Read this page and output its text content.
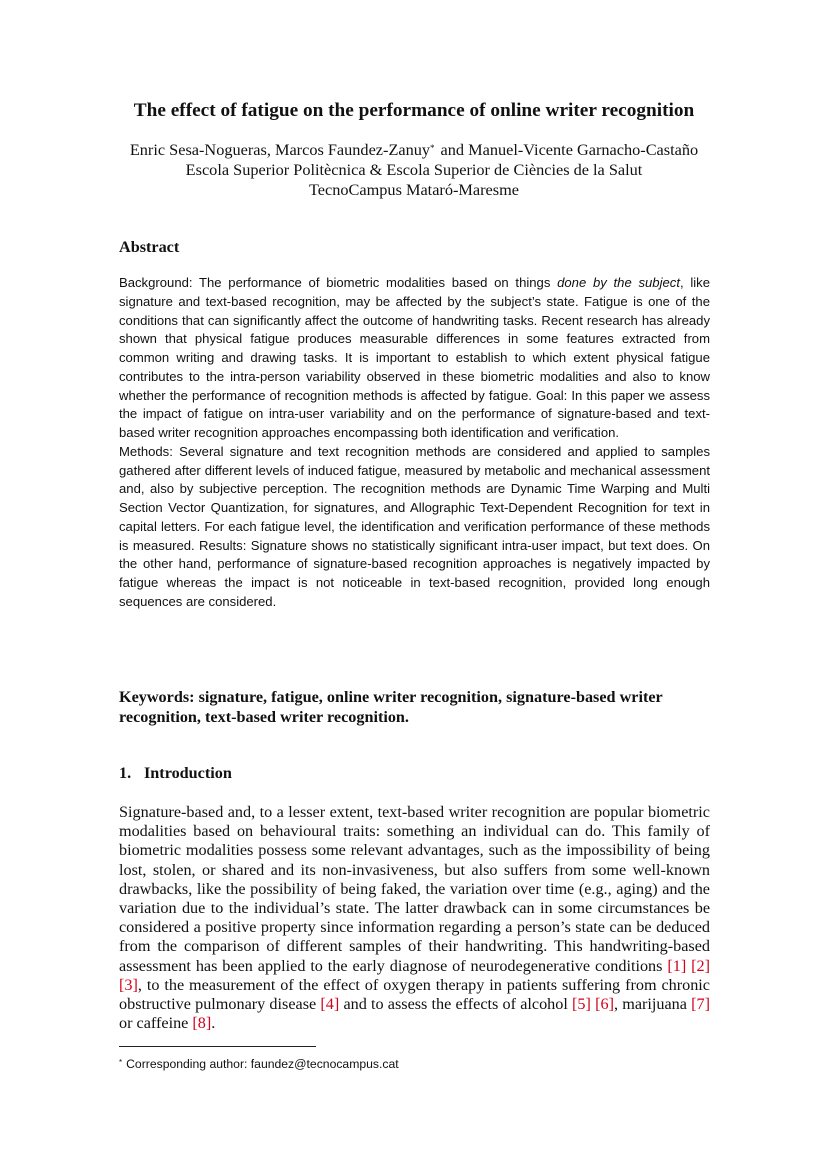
The effect of fatigue on the performance of online writer recognition
Enric Sesa-Nogueras, Marcos Faundez-Zanuy* and Manuel-Vicente Garnacho-Castaño
Escola Superior Politècnica & Escola Superior de Ciències de la Salut
TecnoCampus Mataró-Maresme
Abstract

Background: The performance of biometric modalities based on things done by the subject, like signature and text-based recognition, may be affected by the subject’s state. Fatigue is one of the conditions that can significantly affect the outcome of handwriting tasks. Recent research has already shown that physical fatigue produces measurable differences in some features extracted from common writing and drawing tasks. It is important to establish to which extent physical fatigue contributes to the intra-person variability observed in these biometric modalities and also to know whether the performance of recognition methods is affected by fatigue. Goal: In this paper we assess the impact of fatigue on intra-user variability and on the performance of signature-based and text-based writer recognition approaches encompassing both identification and verification.

Methods: Several signature and text recognition methods are considered and applied to samples gathered after different levels of induced fatigue, measured by metabolic and mechanical assessment and, also by subjective perception. The recognition methods are Dynamic Time Warping and Multi Section Vector Quantization, for signatures, and Allographic Text-Dependent Recognition for text in capital letters. For each fatigue level, the identification and verification performance of these methods is measured. Results: Signature shows no statistically significant intra-user impact, but text does. On the other hand, performance of signature-based recognition approaches is negatively impacted by fatigue whereas the impact is not noticeable in text-based recognition, provided long enough sequences are considered.

Keywords: signature, fatigue, online writer recognition, signature-based writer recognition, text-based writer recognition.
1. Introduction

Signature-based and, to a lesser extent, text-based writer recognition are popular biometric modalities based on behavioural traits: something an individual can do. This family of biometric modalities possess some relevant advantages, such as the impossibility of being lost, stolen, or shared and its non-invasiveness, but also suffers from some well-known drawbacks, like the possibility of being faked, the variation over time (e.g., aging) and the variation due to the individual’s state. The latter drawback can in some circumstances be considered a positive property since information regarding a person’s state can be deduced from the comparison of different samples of their handwriting. This handwriting-based assessment has been applied to the early diagnose of neurodegenerative conditions [1] [2] [3], to the measurement of the effect of oxygen therapy in patients suffering from chronic obstructive pulmonary disease [4] and to assess the effects of alcohol [5] [6], marijuana [7] or caffeine [8].

* Corresponding author: faundez@tecnocampus.cat
